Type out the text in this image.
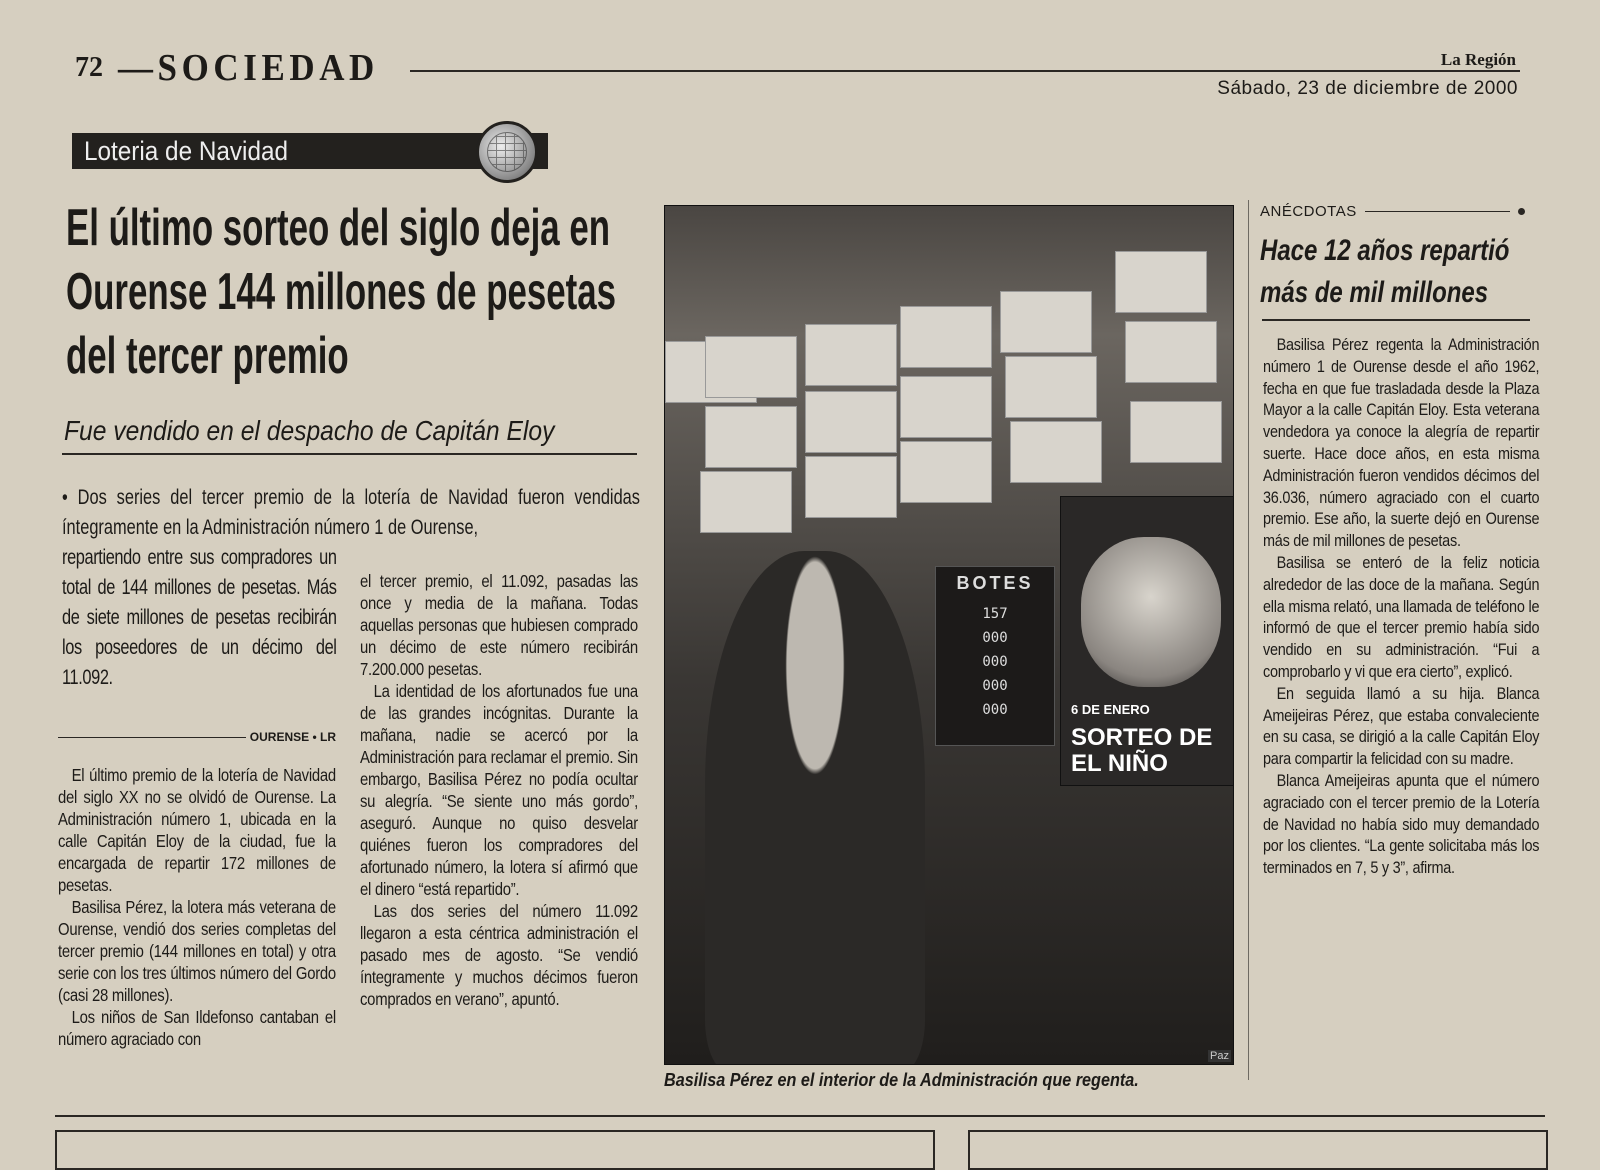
72 —SOCIEDAD	La Región
Sábado, 23 de diciembre de 2000
Loteria de Navidad
El último sorteo del siglo deja en Ourense 144 millones de pesetas del tercer premio
Fue vendido en el despacho de Capitán Eloy
• Dos series del tercer premio de la lotería de Navidad fueron vendidas íntegramente en la Administración número 1 de Ourense,
repartiendo entre sus compradores un total de 144 millones de pesetas. Más de siete millones de pesetas recibirán los poseedores de un décimo del 11.092.
OURENSE • LR

El último premio de la lotería de Navidad del siglo XX no se olvidó de Ourense. La Administración número 1, ubicada en la calle Capitán Eloy de la ciudad, fue la encargada de repartir 172 millones de pesetas.

Basilisa Pérez, la lotera más veterana de Ourense, vendió dos series completas del tercer premio (144 millones en total) y otra serie con los tres últimos número del Gordo (casi 28 millones).

Los niños de San Ildefonso cantaban el número agraciado con

el tercer premio, el 11.092, pasadas las once y media de la mañana. Todas aquellas personas que hubiesen comprado un décimo de este número recibirán 7.200.000 pesetas.

La identidad de los afortunados fue una de las grandes incógnitas. Durante la mañana, nadie se acercó por la Administración para reclamar el premio. Sin embargo, Basilisa Pérez no podía ocultar su alegría. “Se siente uno más gordo”, aseguró. Aunque no quiso desvelar quiénes fueron los compradores del afortunado número, la lotera sí afirmó que el dinero “está repartido”.

Las dos series del número 11.092 llegaron a esta céntrica administración el pasado mes de agosto. “Se vendió íntegramente y muchos décimos fueron comprados en verano”, apuntó.

BOTES
157
000
000
000
000	6 DE ENERO
SORTEO DE EL NIÑO
Paz
Basilisa Pérez en el interior de la Administración que regenta.
ANÉCDOTAS
Hace 12 años repartió más de mil millones

Basilisa Pérez regenta la Administración número 1 de Ourense desde el año 1962, fecha en que fue trasladada desde la Plaza Mayor a la calle Capitán Eloy. Esta veterana vendedora ya conoce la alegría de repartir suerte. Hace doce años, en esta misma Administración fueron vendidos décimos del 36.036, número agraciado con el cuarto premio. Ese año, la suerte dejó en Ourense más de mil millones de pesetas.

Basilisa se enteró de la feliz noticia alrededor de las doce de la mañana. Según ella misma relató, una llamada de teléfono le informó de que el tercer premio había sido vendido en su administración. “Fui a comprobarlo y vi que era cierto”, explicó.

En seguida llamó a su hija. Blanca Ameijeiras Pérez, que estaba convaleciente en su casa, se dirigió a la calle Capitán Eloy para compartir la felicidad con su madre.

Blanca Ameijeiras apunta que el número agraciado con el tercer premio de la Lotería de Navidad no había sido muy demandado por los clientes. “La gente solicitaba más los terminados en 7, 5 y 3”, afirma.
